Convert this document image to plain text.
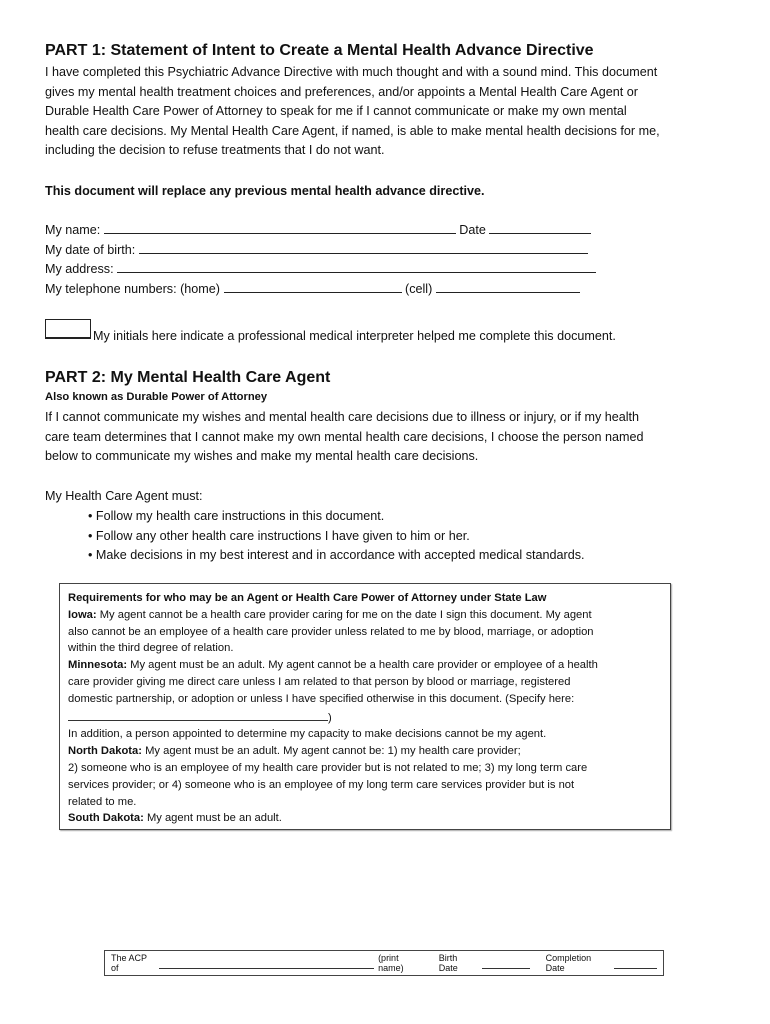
PART 1: Statement of Intent to Create a Mental Health Advance Directive
I have completed this Psychiatric Advance Directive with much thought and with a sound mind. This document
gives my mental health treatment choices and preferences, and/or appoints a Mental Health Care Agent or
Durable Health Care Power of Attorney to speak for me if I cannot communicate or make my own mental
health care decisions. My Mental Health Care Agent, if named, is able to make mental health decisions for me,
including the decision to refuse treatments that I do not want.
This document will replace any previous mental health advance directive.
My name:	Date
My date of birth:
My address:
My telephone numbers: (home)	(cell)
My initials here indicate a professional medical interpreter helped me complete this document.
PART 2: My Mental Health Care Agent
Also known as Durable Power of Attorney
If I cannot communicate my wishes and mental health care decisions due to illness or injury, or if my health
care team determines that I cannot make my own mental health care decisions, I choose the person named
below to communicate my wishes and make my mental health care decisions.
My Health Care Agent must:
• Follow my health care instructions in this document.
• Follow any other health care instructions I have given to him or her.
• Make decisions in my best interest and in accordance with accepted medical standards.
Requirements for who may be an Agent or Health Care Power of Attorney under State Law
Iowa: My agent cannot be a health care provider caring for me on the date I sign this document. My agent
also cannot be an employee of a health care provider unless related to me by blood, marriage, or adoption
within the third degree of relation.
Minnesota: My agent must be an adult. My agent cannot be a health care provider or employee of a health
care provider giving me direct care unless I am related to that person by blood or marriage, registered
domestic partnership, or adoption or unless I have specified otherwise in this document. (Specify here:
)
In addition, a person appointed to determine my capacity to make decisions cannot be my agent.
North Dakota: My agent must be an adult. My agent cannot be: 1) my health care provider;
2) someone who is an employee of my health care provider but is not related to me; 3) my long term care
services provider; or 4) someone who is an employee of my long term care services provider but is not
related to me.
South Dakota: My agent must be an adult.
The ACP of
(print name)
Birth Date
Completion Date
